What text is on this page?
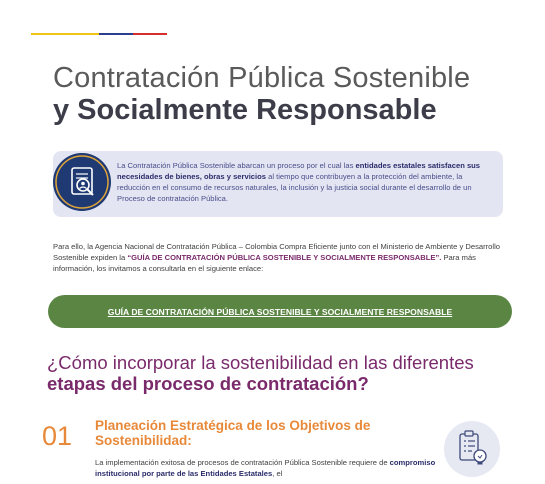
Contratación Pública Sostenible
y Socialmente Responsable
La Contratación Pública Sostenible abarcan un proceso por el cual las entidades estatales satisfacen sus necesidades de bienes, obras y servicios al tiempo que contribuyen a la protección del ambiente, la reducción en el consumo de recursos naturales, la inclusión y la justicia social durante el desarrollo de un Proceso de contratación Pública.
Para ello, la Agencia Nacional de Contratación Pública – Colombia Compra Eficiente junto con el Ministerio de Ambiente y Desarrollo Sostenible expiden la “GUÍA DE CONTRATACIÓN PÚBLICA SOSTENIBLE Y SOCIALMENTE RESPONSABLE”. Para más información, los invitamos a consultarla en el siguiente enlace:
GUÍA DE CONTRATACIÓN PÚBLICA SOSTENIBLE Y SOCIALMENTE RESPONSABLE
¿Cómo incorporar la sostenibilidad en las diferentes
etapas del proceso de contratación?
01 Planeación Estratégica de los Objetivos de Sostenibilidad:
La implementación exitosa de procesos de contratación Pública Sostenible requiere de compromiso institucional por parte de las Entidades Estatales, el
